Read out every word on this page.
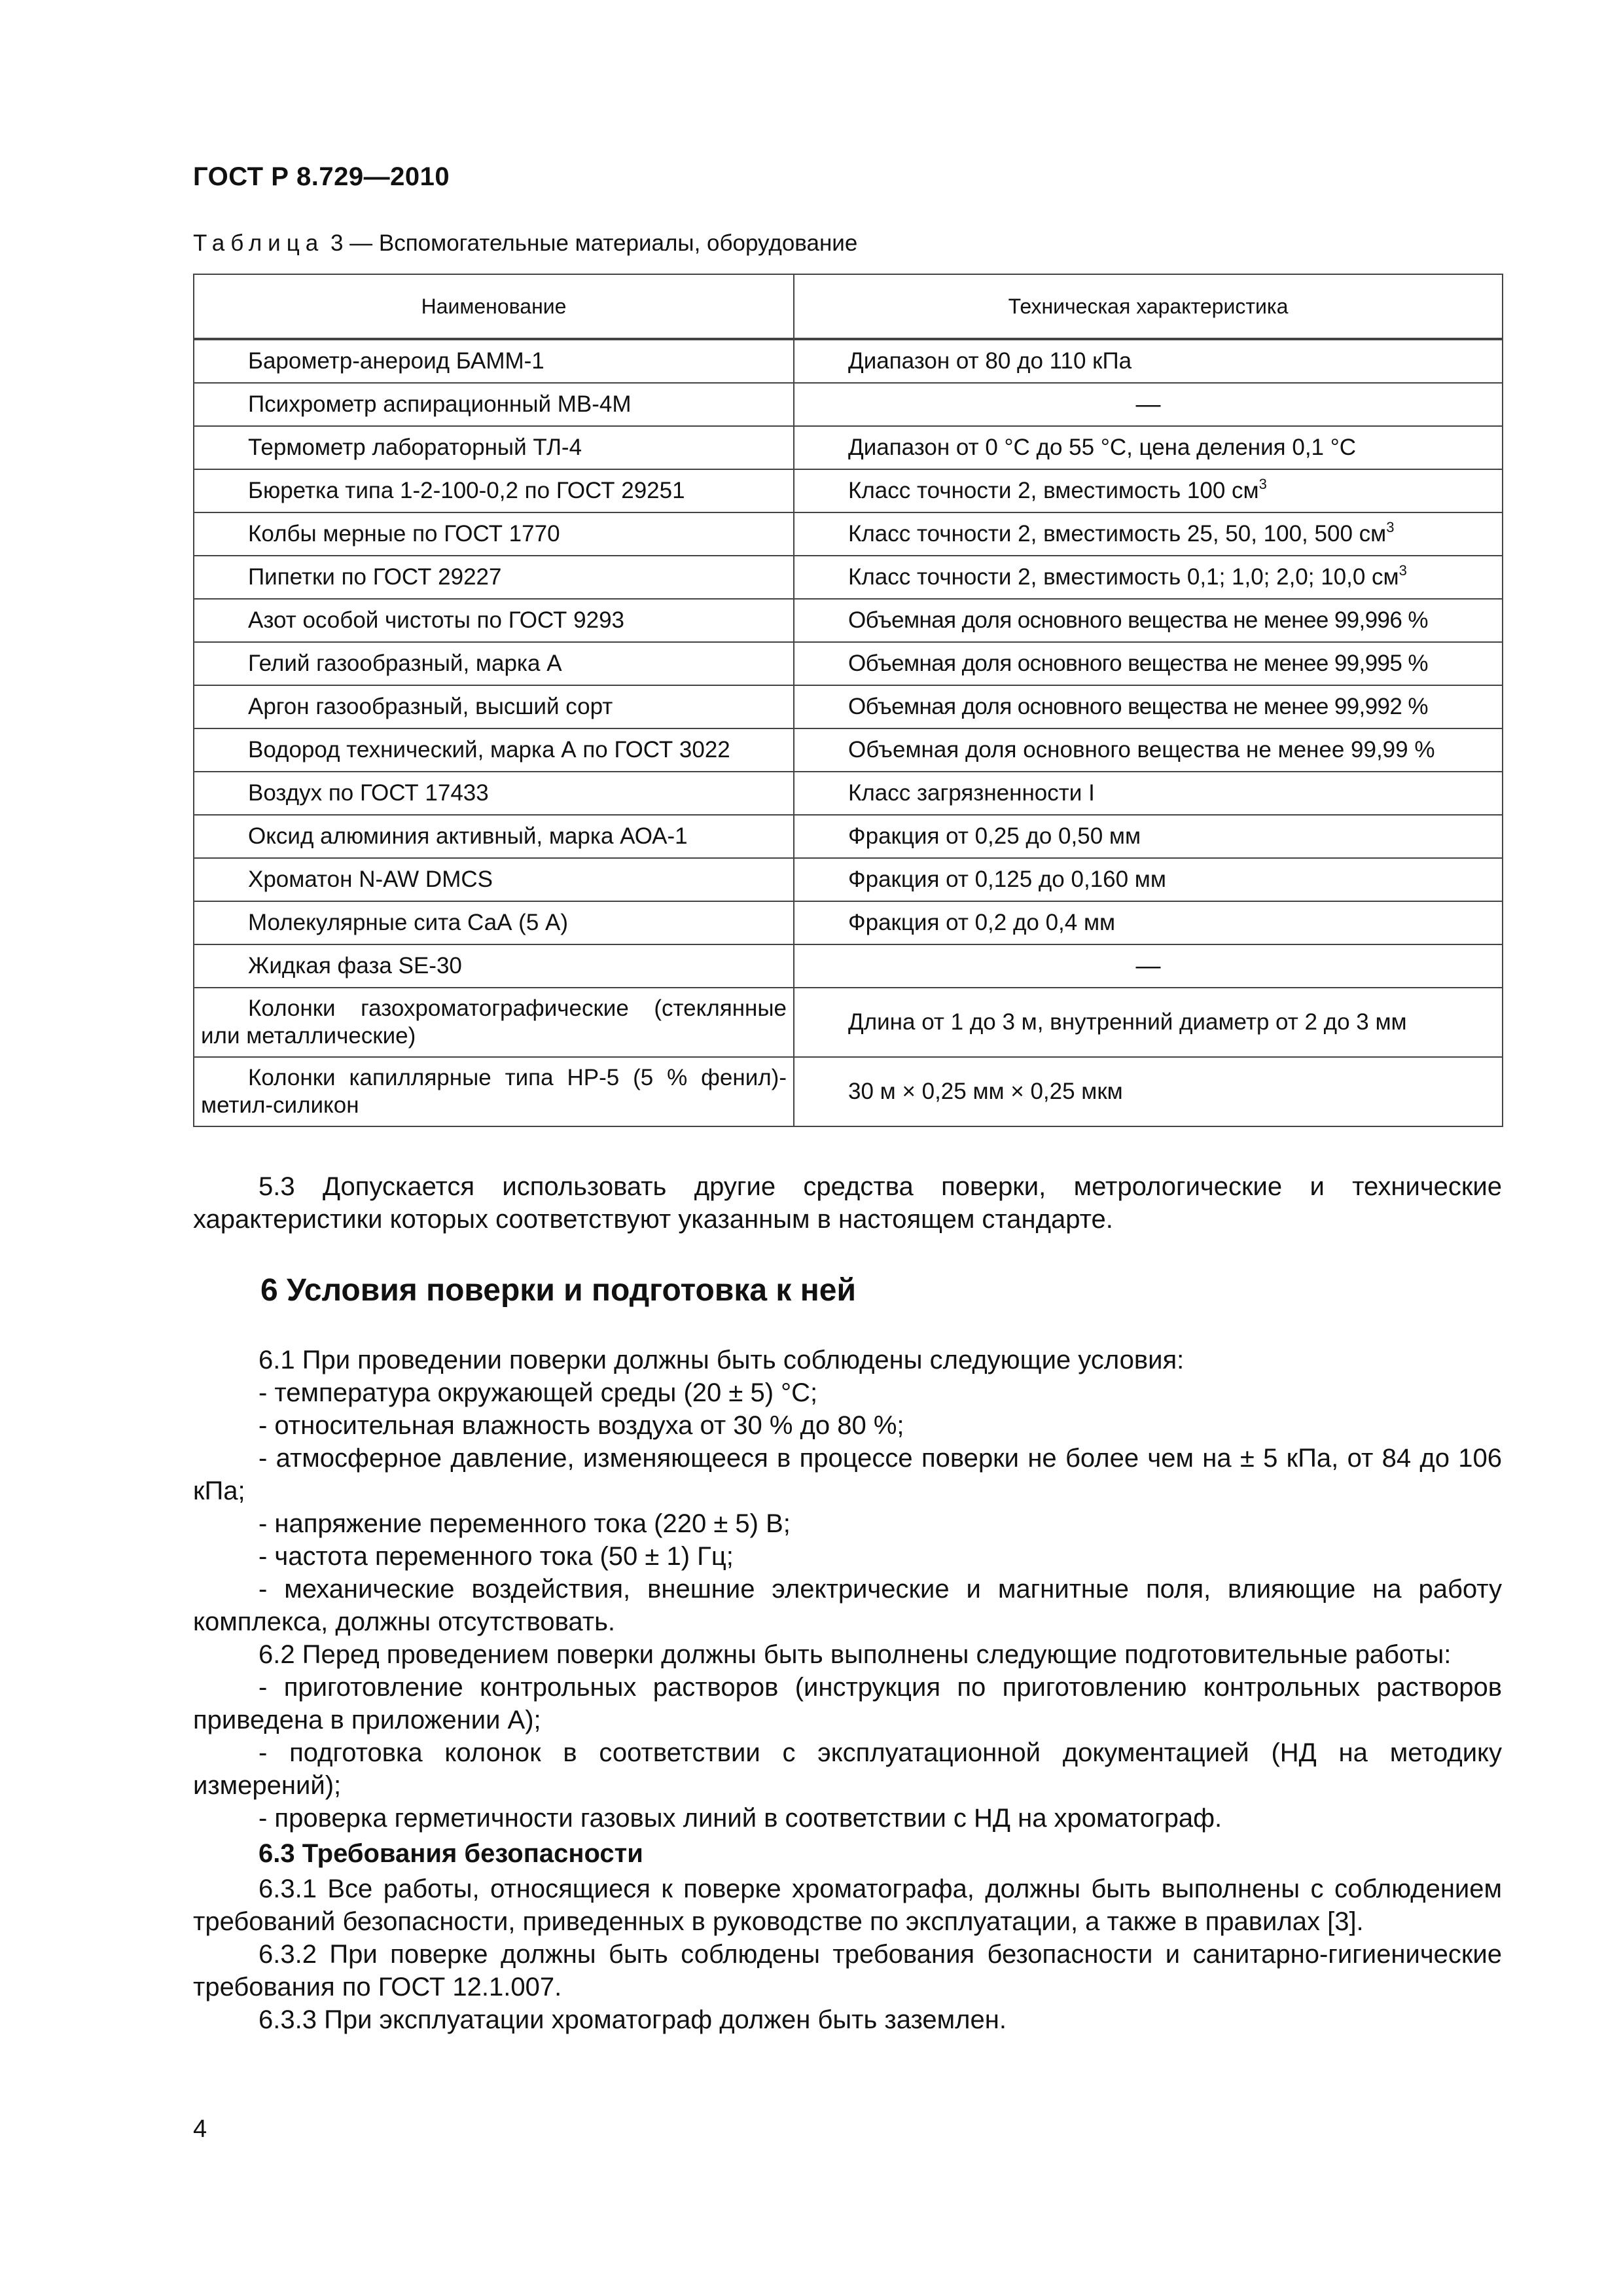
ГОСТ Р 8.729—2010
Таблица 3 — Вспомогательные материалы, оборудование
Наименование	Техническая характеристика
Барометр-анероид БАММ-1	Диапазон от 80 до 110 кПа
Психрометр аспирационный МВ-4М	—
Термометр лабораторный ТЛ-4	Диапазон от 0 °С до 55 °С, цена деления 0,1 °С
Бюретка типа 1-2-100-0,2 по ГОСТ 29251	Класс точности 2, вместимость 100 $см^3$
Колбы мерные по ГОСТ 1770	Класс точности 2, вместимость 25, 50, 100, 500 $см^3$
Пипетки по ГОСТ 29227	Класс точности 2, вместимость 0,1; 1,0; 2,0; 10,0 $см^3$
Азот особой чистоты по ГОСТ 9293	Объемная доля основного вещества не менее 99,996 %
Гелий газообразный, марка А	Объемная доля основного вещества не менее 99,995 %
Аргон газообразный, высший сорт	Объемная доля основного вещества не менее 99,992 %
Водород технический, марка А по ГОСТ 3022	Объемная доля основного вещества не менее 99,99 %
Воздух по ГОСТ 17433	Класс загрязненности I
Оксид алюминия активный, марка АОА-1	Фракция от 0,25 до 0,50 мм
Хроматон N-AW DMCS	Фракция от 0,125 до 0,160 мм
Молекулярные сита СаА (5 А)	Фракция от 0,2 до 0,4 мм
Жидкая фаза SE-30	—
Колонки газохроматографические (стеклянные или металлические)	Длина от 1 до 3 м, внутренний диаметр от 2 до 3 мм
Колонки капиллярные типа НР-5 (5 % фенил)-метил-силикон	30 м × 0,25 мм × 0,25 мкм

5.3 Допускается использовать другие средства поверки, метрологические и технические характеристики которых соответствуют указанным в настоящем стандарте.

6 Условия поверки и подготовка к ней

6.1 При проведении поверки должны быть соблюдены следующие условия:

- температура окружающей среды (20 ± 5) °С;

- относительная влажность воздуха от 30 % до 80 %;

- атмосферное давление, изменяющееся в процессе поверки не более чем на ± 5 кПа, от 84 до 106 кПа;

- напряжение переменного тока (220 ± 5) В;

- частота переменного тока (50 ± 1) Гц;

- механические воздействия, внешние электрические и магнитные поля, влияющие на работу комплекса, должны отсутствовать.

6.2 Перед проведением поверки должны быть выполнены следующие подготовительные работы:

- приготовление контрольных растворов (инструкция по приготовлению контрольных растворов приведена в приложении А);

- подготовка колонок в соответствии с эксплуатационной документацией (НД на методику измерений);

- проверка герметичности газовых линий в соответствии с НД на хроматограф.

6.3 Требования безопасности

6.3.1 Все работы, относящиеся к поверке хроматографа, должны быть выполнены с соблюдением требований безопасности, приведенных в руководстве по эксплуатации, а также в правилах [3].

6.3.2 При поверке должны быть соблюдены требования безопасности и санитарно-гигиенические требования по ГОСТ 12.1.007.

6.3.3 При эксплуатации хроматограф должен быть заземлен.

4
